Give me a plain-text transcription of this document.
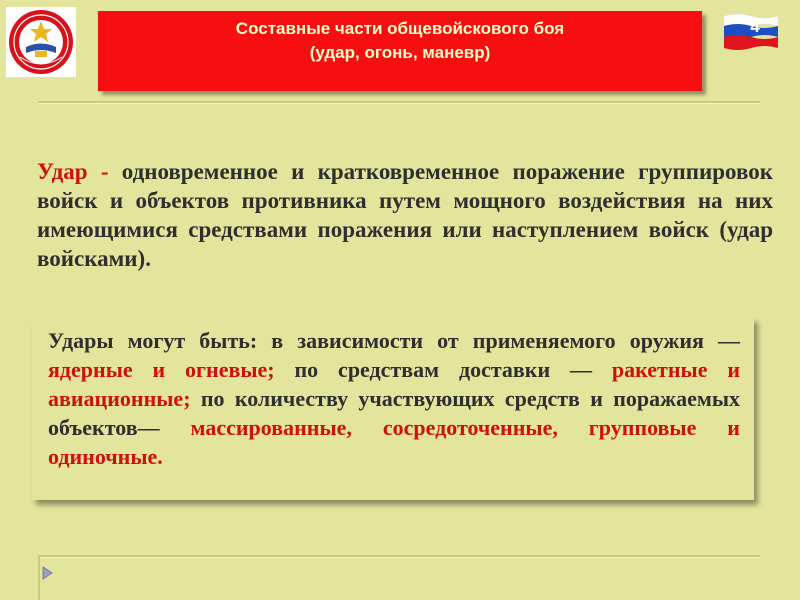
Составные части общевойскового боя
(удар, огонь, маневр)
4
Удар - одновременное и кратковременное поражение группировок войск и объектов противника путем мощного воздействия на них имеющимися средствами поражения или наступлением войск (удар войсками).
Удары могут быть: в зависимости от применяемого оружия — ядерные и огневые; по средствам доставки — ракетные и авиационные; по количеству участвующих средств и поражаемых объектов— массированные, сосредоточенные, групповые и одиночные.
